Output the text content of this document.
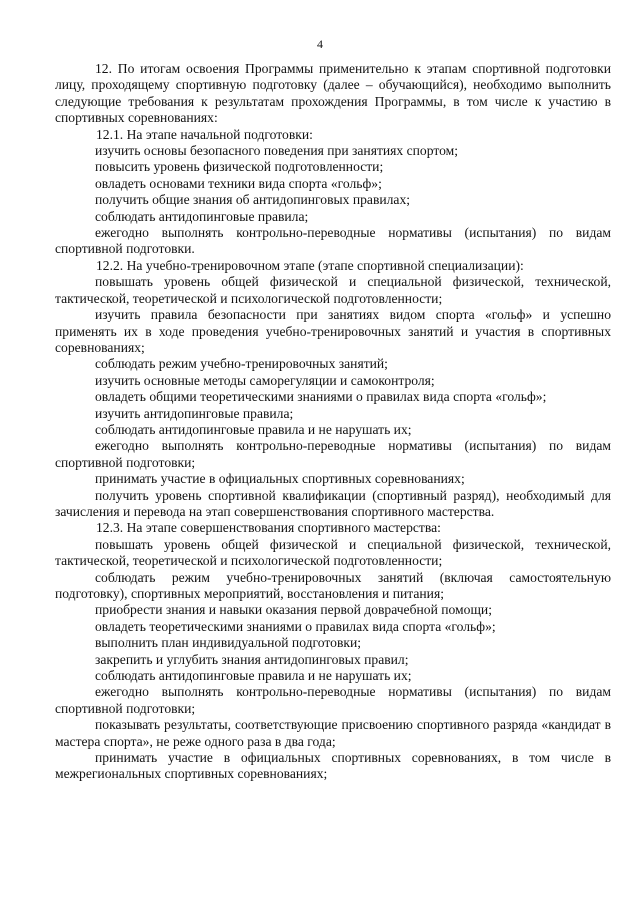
4

12. По итогам освоения Программы применительно к этапам спортивной подготовки лицу, проходящему спортивную подготовку (далее – обучающийся), необходимо выполнить следующие требования к результатам прохождения Программы, в том числе к участию в спортивных соревнованиях:

12.1. На этапе начальной подготовки:

изучить основы безопасного поведения при занятиях спортом;

повысить уровень физической подготовленности;

овладеть основами техники вида спорта «гольф»;

получить общие знания об антидопинговых правилах;

соблюдать антидопинговые правила;

ежегодно выполнять контрольно-переводные нормативы (испытания) по видам спортивной подготовки.

12.2. На учебно-тренировочном этапе (этапе спортивной специализации):

повышать уровень общей физической и специальной физической, технической, тактической, теоретической и психологической подготовленности;

изучить правила безопасности при занятиях видом спорта «гольф» и успешно применять их в ходе проведения учебно-тренировочных занятий и участия в спортивных соревнованиях;

соблюдать режим учебно-тренировочных занятий;

изучить основные методы саморегуляции и самоконтроля;

овладеть общими теоретическими знаниями о правилах вида спорта «гольф»;

изучить антидопинговые правила;

соблюдать антидопинговые правила и не нарушать их;

ежегодно выполнять контрольно-переводные нормативы (испытания) по видам спортивной подготовки;

принимать участие в официальных спортивных соревнованиях;

получить уровень спортивной квалификации (спортивный разряд), необходимый для зачисления и перевода на этап совершенствования спортивного мастерства.

12.3. На этапе совершенствования спортивного мастерства:

повышать уровень общей физической и специальной физической, технической, тактической, теоретической и психологической подготовленности;

соблюдать режим учебно-тренировочных занятий (включая самостоятельную подготовку), спортивных мероприятий, восстановления и питания;

приобрести знания и навыки оказания первой доврачебной помощи;

овладеть теоретическими знаниями о правилах вида спорта «гольф»;

выполнить план индивидуальной подготовки;

закрепить и углубить знания антидопинговых правил;

соблюдать антидопинговые правила и не нарушать их;

ежегодно выполнять контрольно-переводные нормативы (испытания) по видам спортивной подготовки;

показывать результаты, соответствующие присвоению спортивного разряда «кандидат в мастера спорта», не реже одного раза в два года;

принимать участие в официальных спортивных соревнованиях, в том числе в межрегиональных спортивных соревнованиях;
